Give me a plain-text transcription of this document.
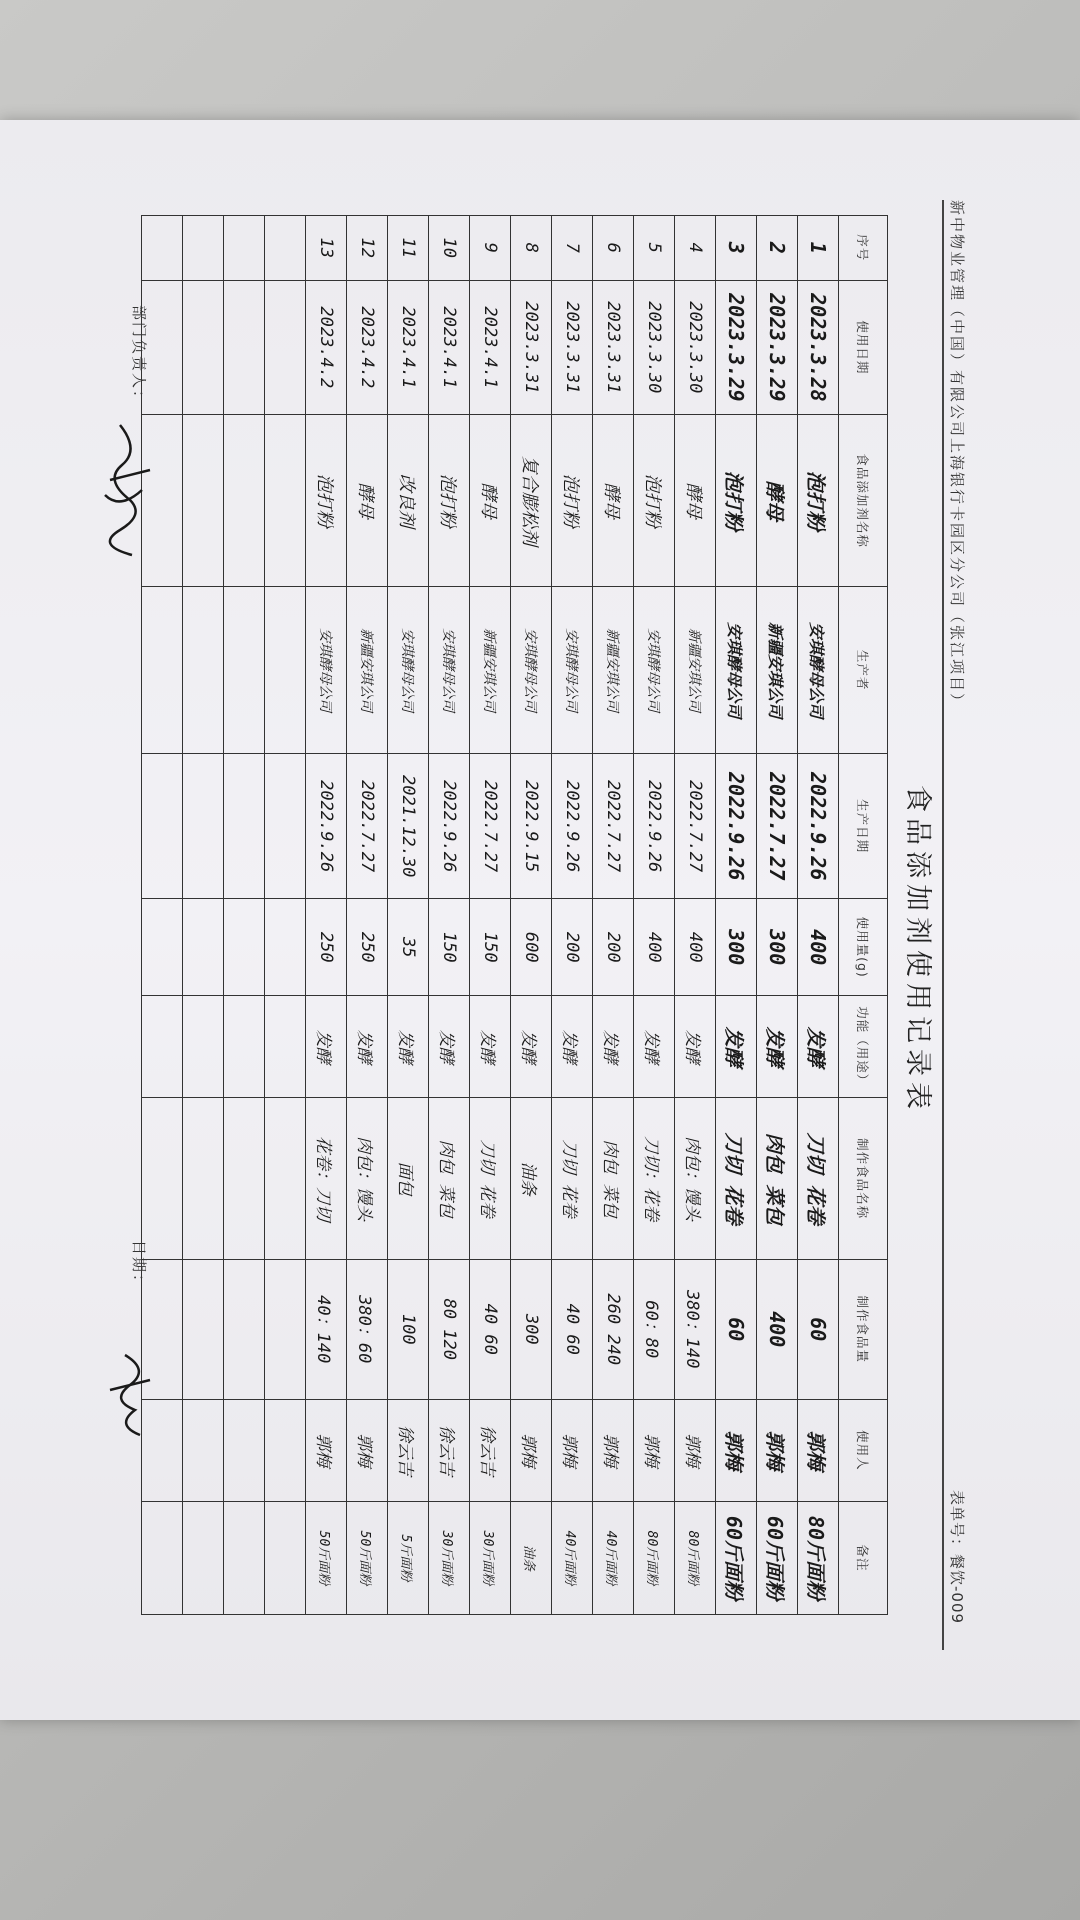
新中物业管理（中国）有限公司上海银行卡园区分公司（张江项目）
表单号：餐饮-009
食品添加剂使用记录表
序号	使用日期	食品添加剂名称	生产者	生产日期	使用量(g)	功能（用途）	制作食品名称	制作食品量	使用人	备注
1	2023.3.28	泡打粉	安琪酵母公司	2022.9.26	400	发酵	刀切 花卷	60	郭梅	80斤面粉
2	2023.3.29	酵母	新疆安琪公司	2022.7.27	300	发酵	肉包 菜包	400	郭梅	60斤面粉
3	2023.3.29	泡打粉	安琪酵母公司	2022.9.26	300	发酵	刀切 花卷	60	郭梅	60斤面粉
4	2023.3.30	酵母	新疆安琪公司	2022.7.27	400	发酵	肉包：馒头	380：140	郭梅	80斤面粉
5	2023.3.30	泡打粉	安琪酵母公司	2022.9.26	400	发酵	刀切：花卷	60：80	郭梅	80斤面粉
6	2023.3.31	酵母	新疆安琪公司	2022.7.27	200	发酵	肉包 菜包	260 240	郭梅	40斤面粉
7	2023.3.31	泡打粉	安琪酵母公司	2022.9.26	200	发酵	刀切 花卷	40 60	郭梅	40斤面粉
8	2023.3.31	复合膨松剂	安琪酵母公司	2022.9.15	600	发酵	油条	300	郭梅	油条
9	2023.4.1	酵母	新疆安琪公司	2022.7.27	150	发酵	刀切 花卷	40 60	徐云吉	30斤面粉
10	2023.4.1	泡打粉	安琪酵母公司	2022.9.26	150	发酵	肉包 菜包	80 120	徐云吉	30斤面粉
11	2023.4.1	改良剂	安琪酵母公司	2021.12.30	35	发酵	面包	100	徐云吉	5斤面粉
12	2023.4.2	酵母	新疆安琪公司	2022.7.27	250	发酵	肉包：馒头	380：60	郭梅	50斤面粉
13	2023.4.2	泡打粉	安琪酵母公司	2022.9.26	250	发酵	花卷：刀切	40：140	郭梅	50斤面粉

部门负责人：
日期：
